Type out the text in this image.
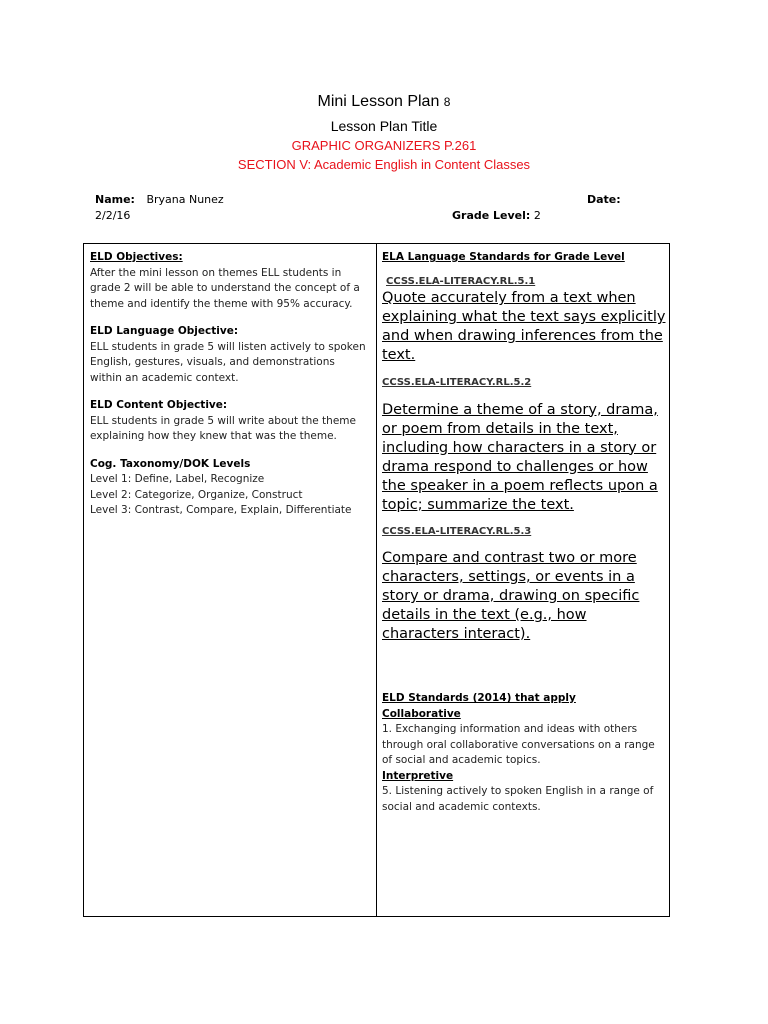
Mini Lesson Plan 8
Lesson Plan Title
GRAPHIC ORGANIZERS P.261
SECTION V: Academic English in Content Classes
Name: Bryana Nunez	Date:
2/2/16	Grade Level: 2

ELD Objectives:

After the mini lesson on themes ELL students in grade 2 will be able to understand the concept of a theme and identify the theme with 95% accuracy.

ELD Language Objective:

ELL students in grade 5 will listen actively to spoken English, gestures, visuals, and demonstrations within an academic context.

ELD Content Objective:

ELL students in grade 5 will write about the theme explaining how they knew that was the theme.

Cog. Taxonomy/DOK Levels

Level 1: Define, Label, Recognize

Level 2: Categorize, Organize, Construct

Level 3: Contrast, Compare, Explain, Differentiate

ELA Language Standards for Grade Level

CCSS.ELA-LITERACY.RL.5.1

Quote accurately from a text when explaining what the text says explicitly and when drawing inferences from the text.

CCSS.ELA-LITERACY.RL.5.2

Determine a theme of a story, drama, or poem from details in the text, including how characters in a story or drama respond to challenges or how the speaker in a poem reflects upon a topic; summarize the text.

CCSS.ELA-LITERACY.RL.5.3

Compare and contrast two or more characters, settings, or events in a story or drama, drawing on specific details in the text (e.g., how characters interact).

ELD Standards (2014) that apply

Collaborative

1. Exchanging information and ideas with others through oral collaborative conversations on a range of social and academic topics.

Interpretive

5. Listening actively to spoken English in a range of social and academic contexts.
